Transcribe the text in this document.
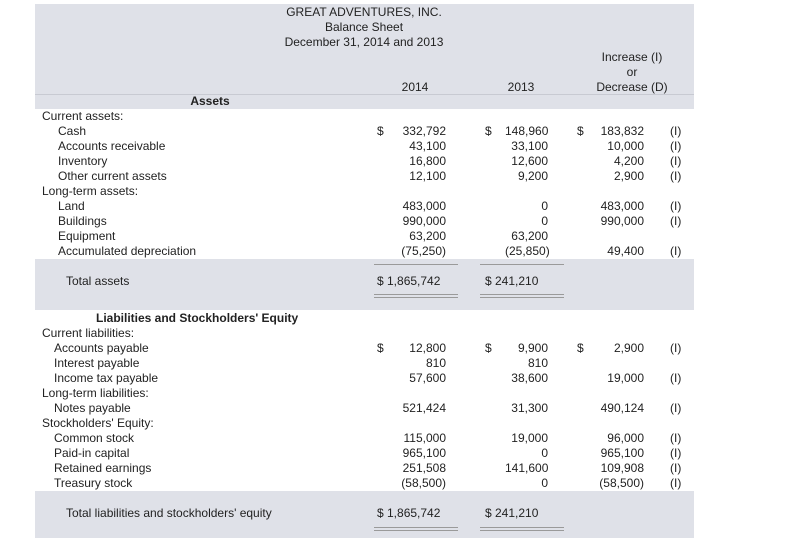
GREAT ADVENTURES, INC.
Balance Sheet
December 31, 2014 and 2013
Increase (I)
or
Decrease (D)
2014	2013
Assets
Current assets:
Cash	$ 332,792	$ 148,960 $	183,832 (I)
Accounts receivable	43,100	33,100	10,000 (I)
Inventory	16,800	12,600	4,200 (I)
Other current assets	12,100	9,200	2,900 (I)
Long-term assets:
Land	483,000	0	483,000 (I)
Buildings	990,000	0	990,000 (I)
Equipment	63,200	63,200
Accumulated depreciation	(75,250)	(25,850)	49,400 (I)
Total assets	$ 1,865,742	$ 241,210
Liabilities and Stockholders' Equity
Current liabilities:
Accounts payable	$	12,800	$	9,900 $	2,900 (I)
Interest payable	810	810
Income tax payable	57,600	38,600	19,000 (I)
Long-term liabilities:
Notes payable	521,424	31,300	490,124 (I)
Stockholders' Equity:
Common stock	115,000	19,000	96,000 (I)
Paid-in capital	965,100	0	965,100 (I)
Retained earnings	251,508	141,600	109,908 (I)
Treasury stock	(58,500)	0	(58,500) (I)
Total liabilities and stockholders' equity	$ 1,865,742	$ 241,210
